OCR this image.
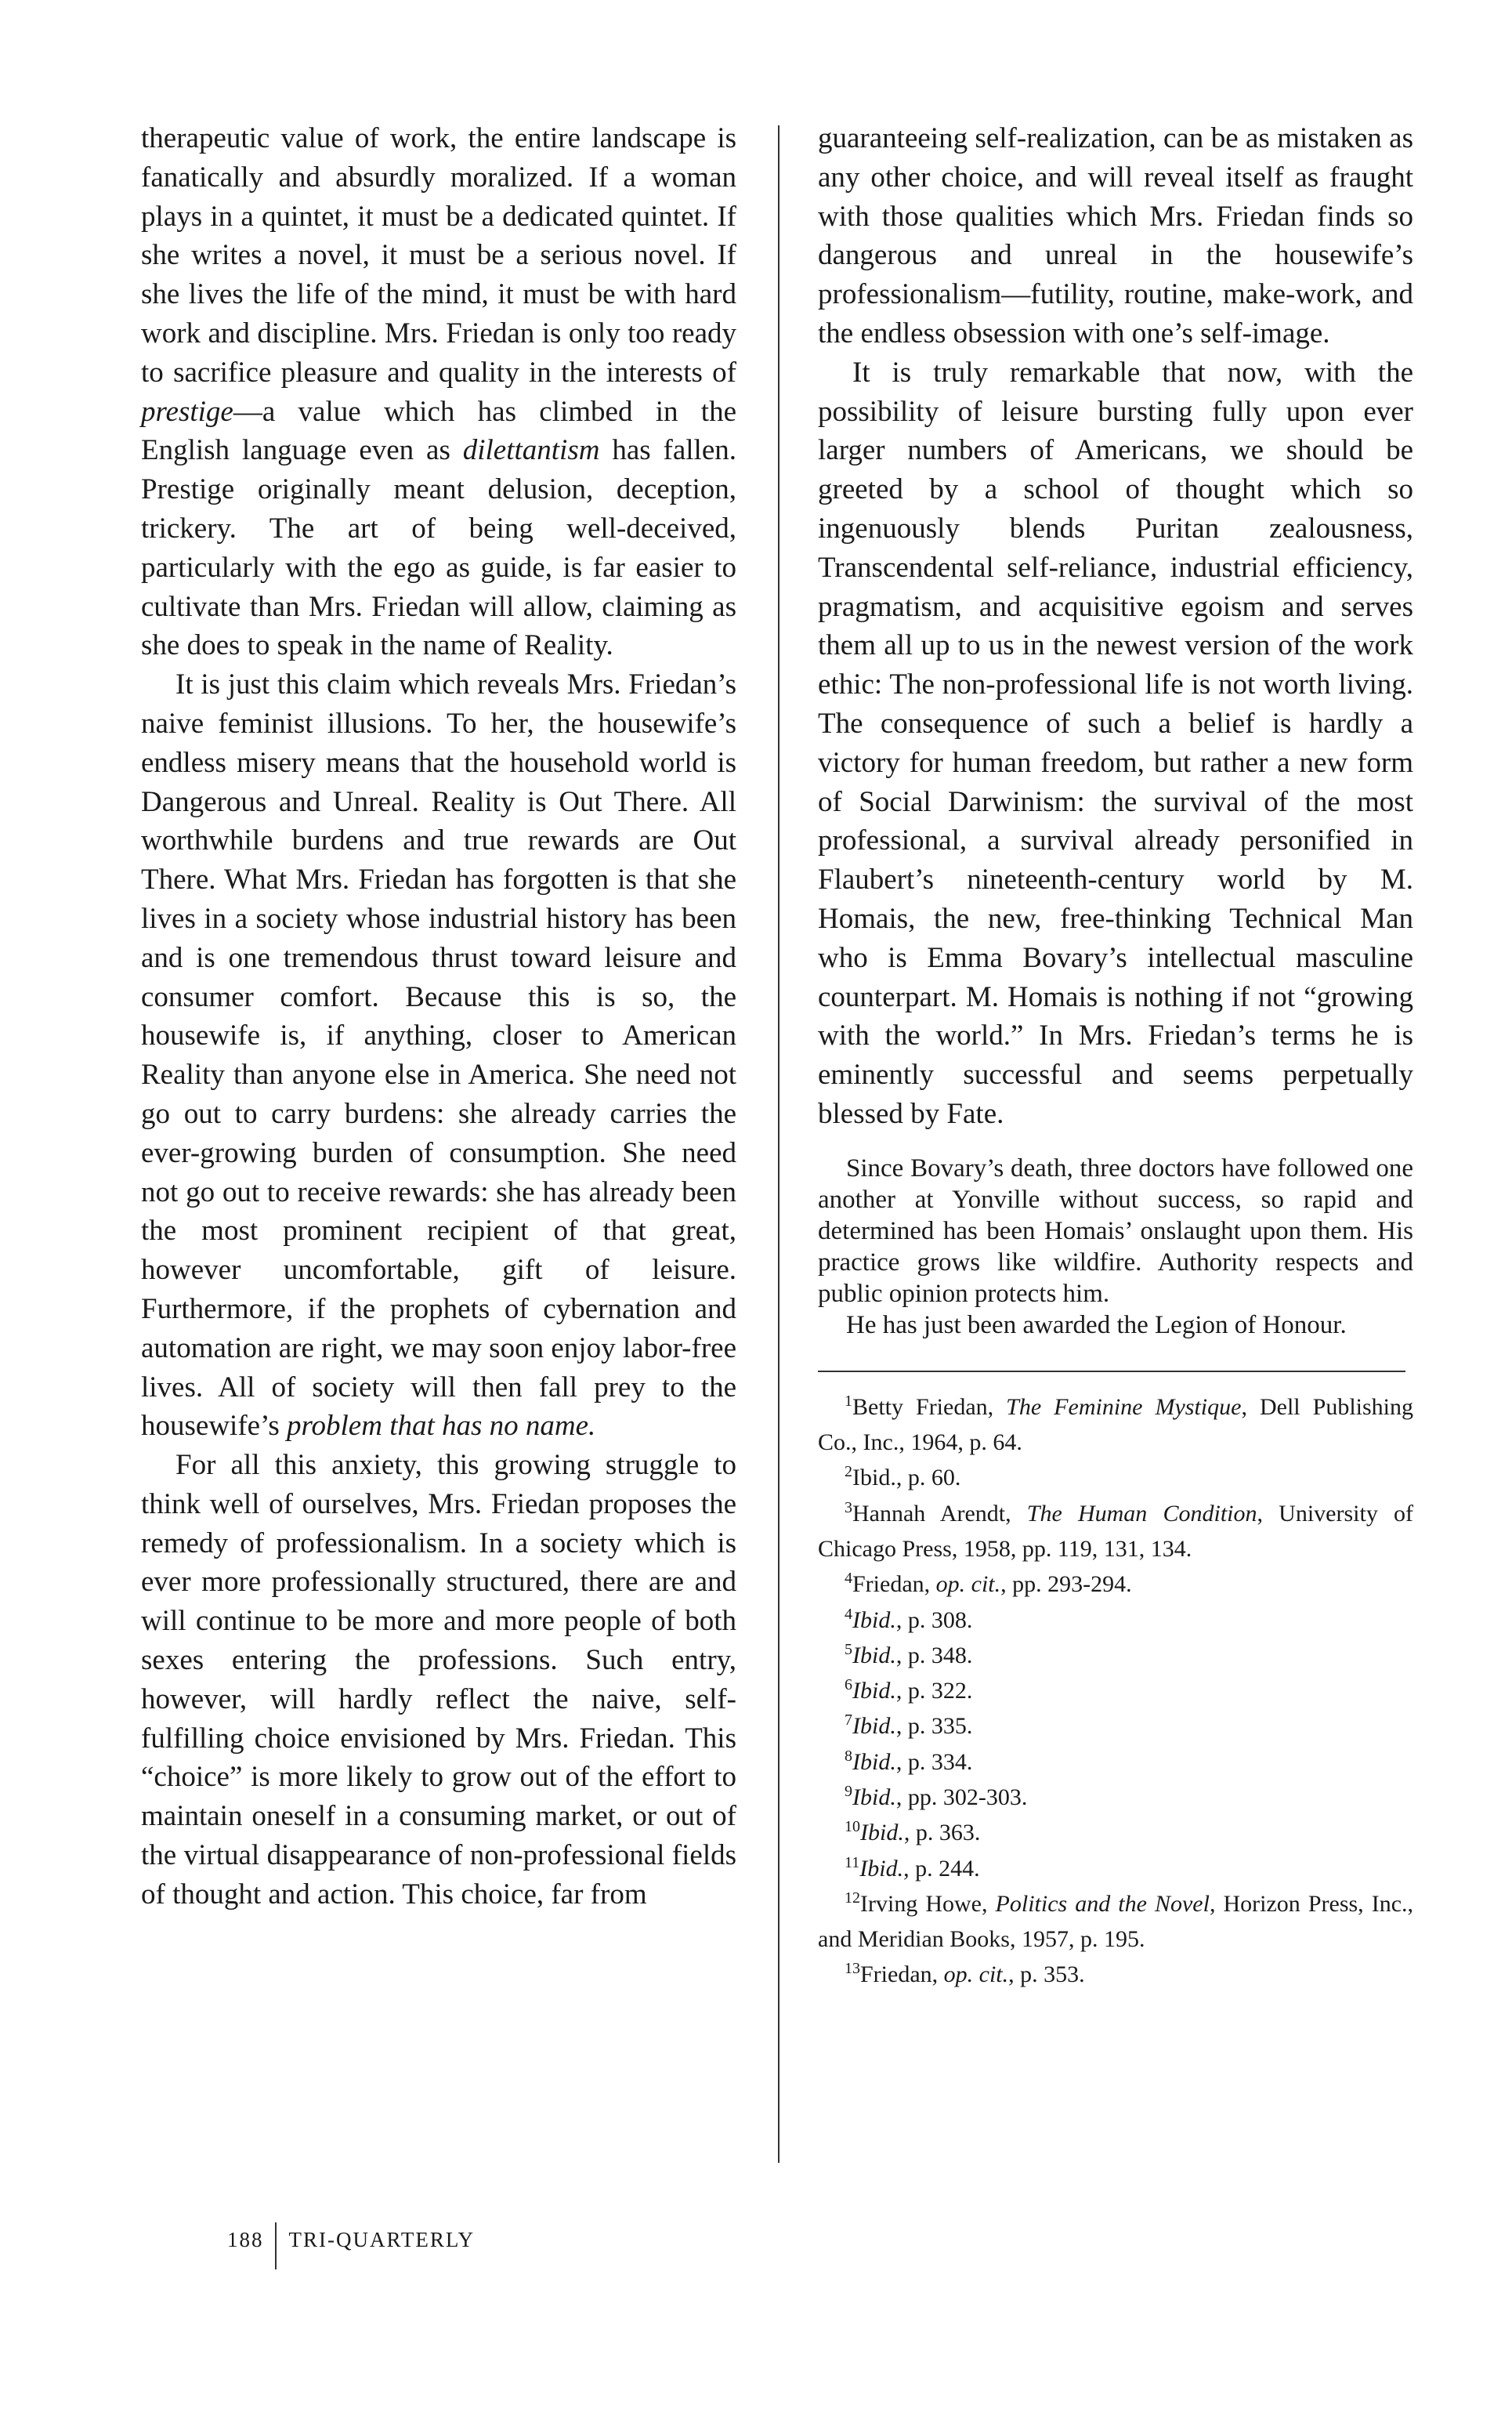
therapeutic value of work, the entire landscape is fanatically and absurdly moralized. If a woman plays in a quintet, it must be a dedicated quintet. If she writes a novel, it must be a serious novel. If she lives the life of the mind, it must be with hard work and discipline. Mrs. Friedan is only too ready to sacrifice pleasure and quality in the interests of prestige—a value which has climbed in the English language even as dilettantism has fallen. Prestige originally meant delusion, deception, trickery. The art of being well-deceived, particularly with the ego as guide, is far easier to cultivate than Mrs. Friedan will allow, claiming as she does to speak in the name of Reality.

It is just this claim which reveals Mrs. Friedan’s naive feminist illusions. To her, the housewife’s endless misery means that the household world is Dangerous and Unreal. Reality is Out There. All worthwhile burdens and true rewards are Out There. What Mrs. Friedan has forgotten is that she lives in a society whose industrial history has been and is one tremendous thrust toward leisure and consumer comfort. Because this is so, the housewife is, if anything, closer to American Reality than anyone else in America. She need not go out to carry burdens: she already carries the ever-growing burden of consumption. She need not go out to receive rewards: she has already been the most prominent recipient of that great, however uncomfortable, gift of leisure. Furthermore, if the prophets of cybernation and automation are right, we may soon enjoy labor-free lives. All of society will then fall prey to the housewife’s problem that has no name.

For all this anxiety, this growing struggle to think well of ourselves, Mrs. Friedan proposes the remedy of professionalism. In a society which is ever more professionally structured, there are and will continue to be more and more people of both sexes entering the professions. Such entry, however, will hardly reflect the naive, self-fulfilling choice envisioned by Mrs. Friedan. This “choice” is more likely to grow out of the effort to maintain oneself in a consuming market, or out of the virtual disappearance of non-professional fields of thought and action. This choice, far from

guaranteeing self-realization, can be as mistaken as any other choice, and will reveal itself as fraught with those qualities which Mrs. Friedan finds so dangerous and unreal in the housewife’s professionalism—futility, routine, make-work, and the endless obsession with one’s self-image.

It is truly remarkable that now, with the possibility of leisure bursting fully upon ever larger numbers of Americans, we should be greeted by a school of thought which so ingenuously blends Puritan zealousness, Transcendental self-reliance, industrial efficiency, pragmatism, and acquisitive egoism and serves them all up to us in the newest version of the work ethic: The non-professional life is not worth living. The consequence of such a belief is hardly a victory for human freedom, but rather a new form of Social Darwinism: the survival of the most professional, a survival already personified in Flaubert’s nineteenth-century world by M. Homais, the new, free-thinking Technical Man who is Emma Bovary’s intellectual masculine counterpart. M. Homais is nothing if not “growing with the world.” In Mrs. Friedan’s terms he is eminently successful and seems perpetually blessed by Fate.

Since Bovary’s death, three doctors have followed one another at Yonville without success, so rapid and determined has been Homais’ onslaught upon them. His practice grows like wildfire. Authority respects and public opinion protects him.

He has just been awarded the Legion of Honour.

$^1$Betty Friedan, The Feminine Mystique, Dell Publishing Co., Inc., 1964, p. 64.

$^2$Ibid., p. 60.

$^3$Hannah Arendt, The Human Condition, University of Chicago Press, 1958, pp. 119, 131, 134.

$^4$Friedan, op. cit., pp. 293-294.

$^4$Ibid., p. 308.

$^5$Ibid., p. 348.

$^6$Ibid., p. 322.

$^7$Ibid., p. 335.

$^8$Ibid., p. 334.

$^9$Ibid., pp. 302-303.

$^{10}$Ibid., p. 363.

$^{11}$Ibid., p. 244.

$^{12}$Irving Howe, Politics and the Novel, Horizon Press, Inc., and Meridian Books, 1957, p. 195.

$^{13}$Friedan, op. cit., p. 353.

188 TRI-QUARTERLY
